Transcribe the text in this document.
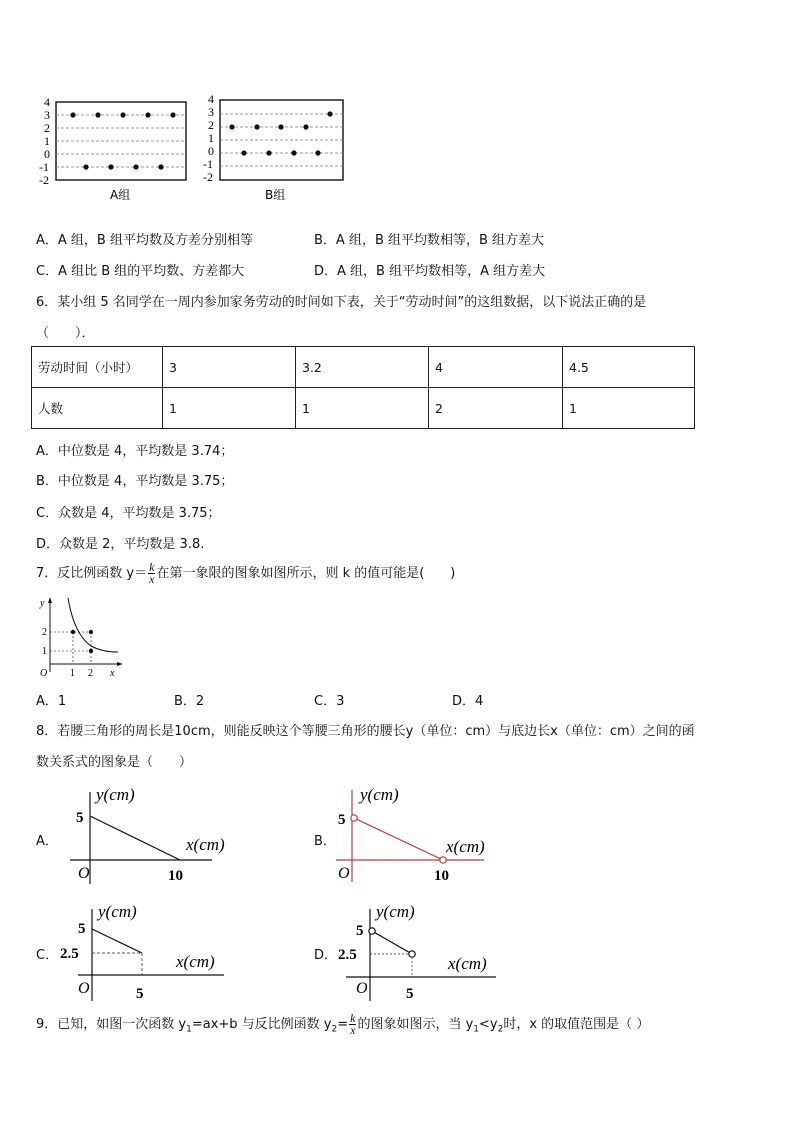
4
3
2
1
0
-1
-2
A组
4
3
2
1
0
-1
-2
B组
A．A 组，B 组平均数及方差分别相等	B．A 组，B 组平均数相等，B 组方差大
C．A 组比 B 组的平均数、方差都大	D．A 组，B 组平均数相等，A 组方差大
6．某小组 5 名同学在一周内参加家务劳动的时间如下表，关于“劳动时间”的这组数据，以下说法正确的是
（　　）．
劳动时间（小时）	3	3.2	4	4.5
人数	1	1	2	1
A．中位数是 4，平均数是 3.74；
B．中位数是 4，平均数是 3.75；
C．众数是 4，平均数是 3.75；
D．众数是 2，平均数是 3.8.
7．反比例函数 $y= \frac{k}{x}$ 在第一象限的图象如图所示，则 k 的值可能是(　　)
y
x
O
2
1
1 2
A．1	B．2	C．3	D．4
8．若腰三角形的周长是10cm，则能反映这个等腰三角形的腰长y（单位：cm）与底边长x（单位：cm）之间的函
数关系式的图象是（　　）
A．
y(cm)
x(cm)
5
10
O
B．
y(cm)
x(cm)
5
10
O
C．
y(cm)
x(cm)
5
2.5
5
O
D．
y(cm)
x(cm)
5
2.5
5
O
9．已知，如图一次函数 $y_1=ax+b$ 与反比例函数 $y_2= \frac{k}{x}$ 的图象如图示，当 $y_1<y_2$时，x 的取值范围是（ ）
